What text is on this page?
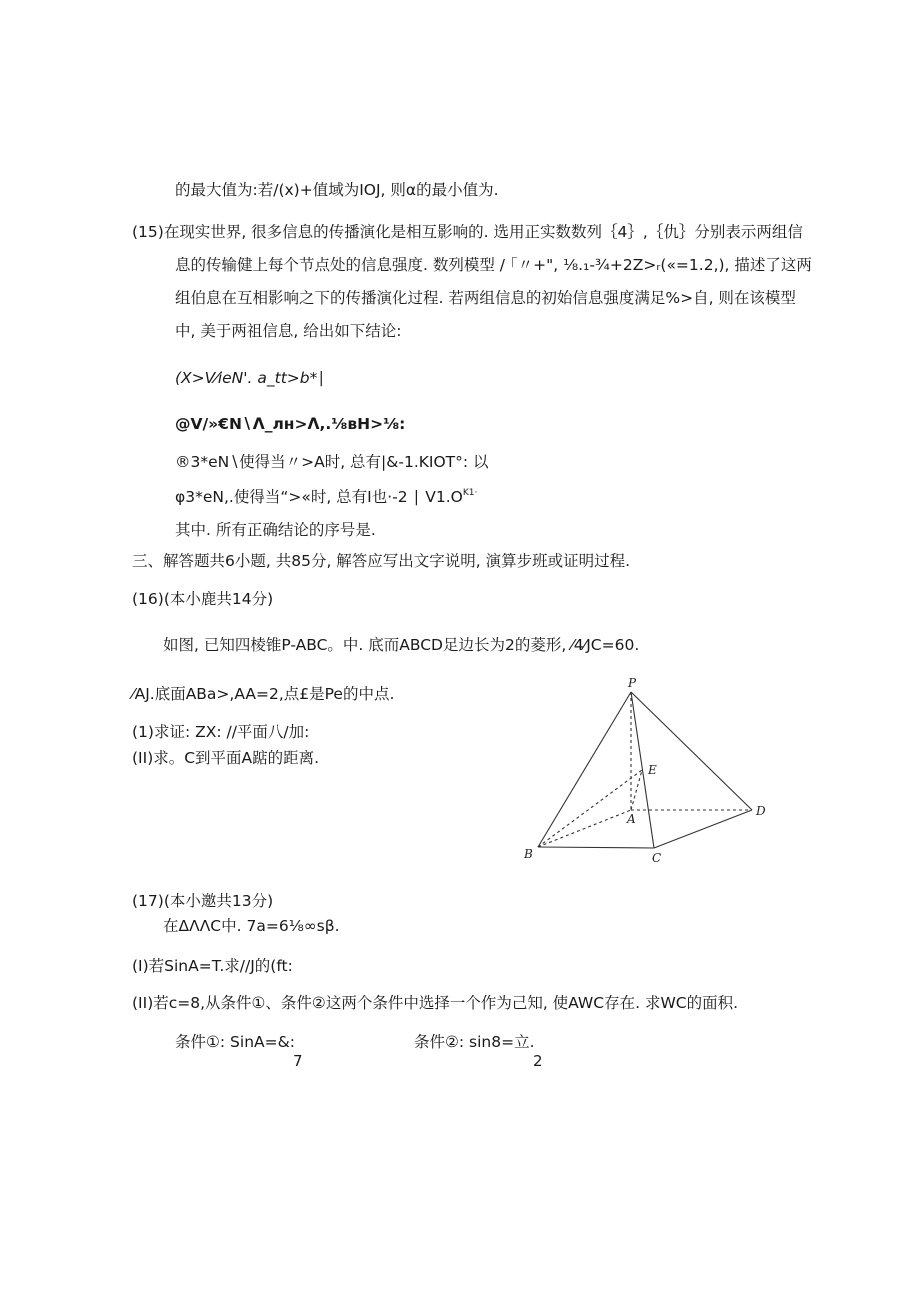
的最大值为:若/(x)+值域为IOJ, 则α的最小值为.
(15)在现实世界, 很多信息的传播演化是相互影响的. 选用正实数数列｛4｝,｛仇｝分别表示两组信
息的传输健上每个节点处的信息强度. 数列模型 / ｢〃+", ⅛.₁-¾+2Z>ᵣ(«=1.2,), 描述了这两
组伯息在互相影响之下的传播演化过程. 若两组信息的初始信息强度满足%>自, 则在该模型
中, 美于两祖信息, 给出如下结论:
(X>V⁄ieN'. a_tt>b*∣
@V/»€N∖Λ_лн>Λ,.⅛вH>⅛:
®3*eN∖使得当〃>A时, 总有|&-1.KIOT°: 以
φ3*eN,.使得当“>«时, 总有I也·-2 ∣ $V1.O^{K1\cdot}$
其中. 所有正确结论的序号是.
三、解答题共6小题, 共85分, 解答应写出文字说明, 演算步班或证明过程.
(16)(本小鹿共14分)
如图, 已知四棱锥P-ABC。中. 底而ABCD足边长为2的菱形, ⁄4⁄JC=60.
⁄AJ.底面ABa>,AA=2,点£是Pe的中点.
(1)求证: ZX: ∕∕平面八/加:
(II)求。C到平面A踮的距离.
(17)(本小邀共13分)
在ΔΛΛC中. 7a=6⅛∞sβ.
(I)若SinA=T.求//J的(ft:
(II)若c=8,从条件①、条件②这两个条件中选择一个作为己知, 使AWC存在. 求WC的面积.
条件①: SinA=&:
7
条件②: sin8=立.
2
P
E
A
B	C
D
